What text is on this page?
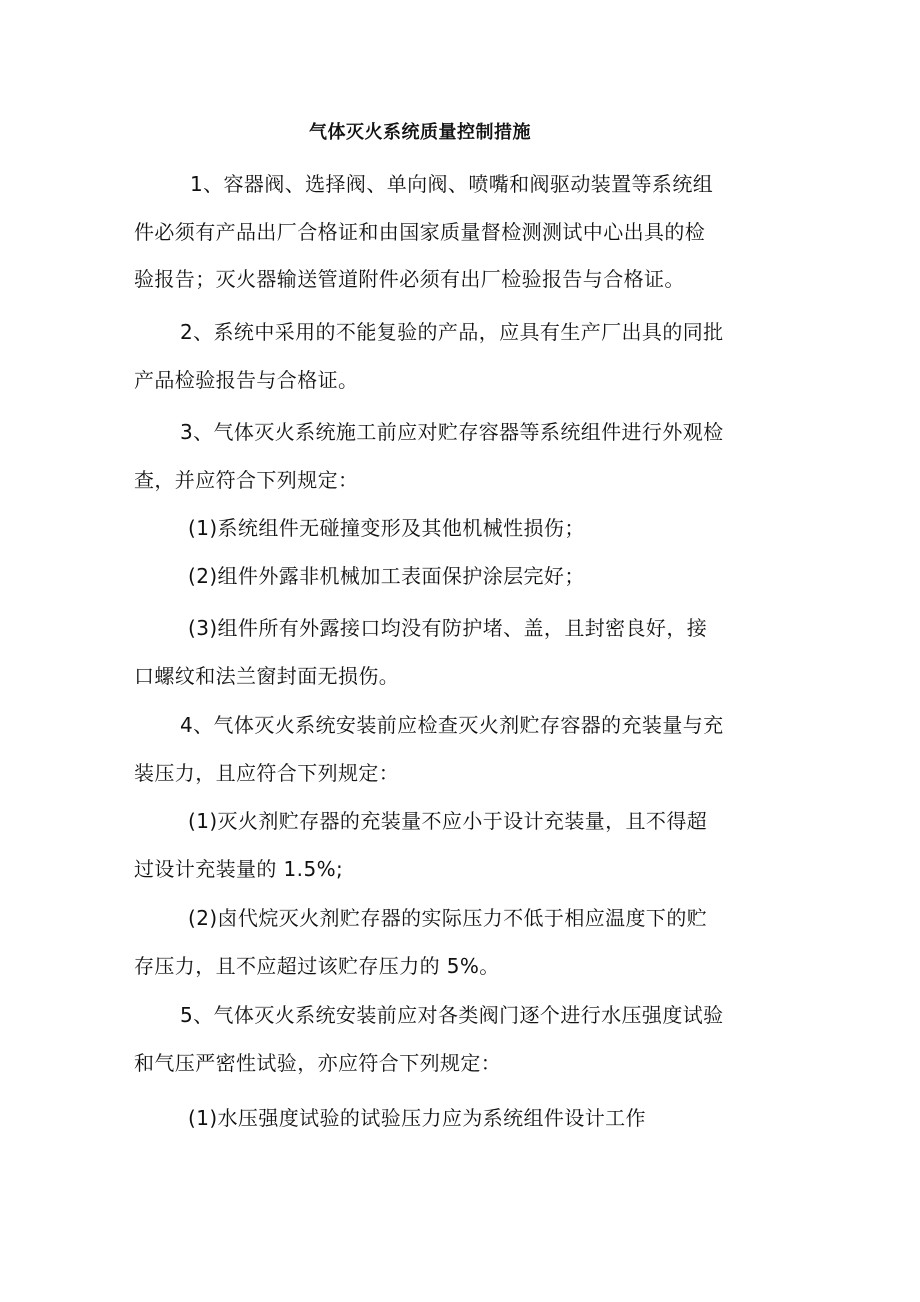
气体灭火系统质量控制措施
1、容器阀、选择阀、单向阀、喷嘴和阀驱动装置等系统组
件必须有产品出厂合格证和由国家质量督检测测试中心出具的检
验报告；灭火器输送管道附件必须有出厂检验报告与合格证。
2、系统中采用的不能复验的产品，应具有生产厂出具的同批
产品检验报告与合格证。
3、气体灭火系统施工前应对贮存容器等系统组件进行外观检
查，并应符合下列规定：
(1)系统组件无碰撞变形及其他机械性损伤；
(2)组件外露非机械加工表面保护涂层完好；
(3)组件所有外露接口均没有防护堵、盖，且封密良好，接
口螺纹和法兰窗封面无损伤。
4、气体灭火系统安装前应检查灭火剂贮存容器的充装量与充
装压力，且应符合下列规定：
(1)灭火剂贮存器的充装量不应小于设计充装量，且不得超
过设计充装量的 1.5%;
(2)卤代烷灭火剂贮存器的实际压力不低于相应温度下的贮
存压力，且不应超过该贮存压力的 5%。
5、气体灭火系统安装前应对各类阀门逐个进行水压强度试验
和气压严密性试验，亦应符合下列规定：
(1)水压强度试验的试验压力应为系统组件设计工作
